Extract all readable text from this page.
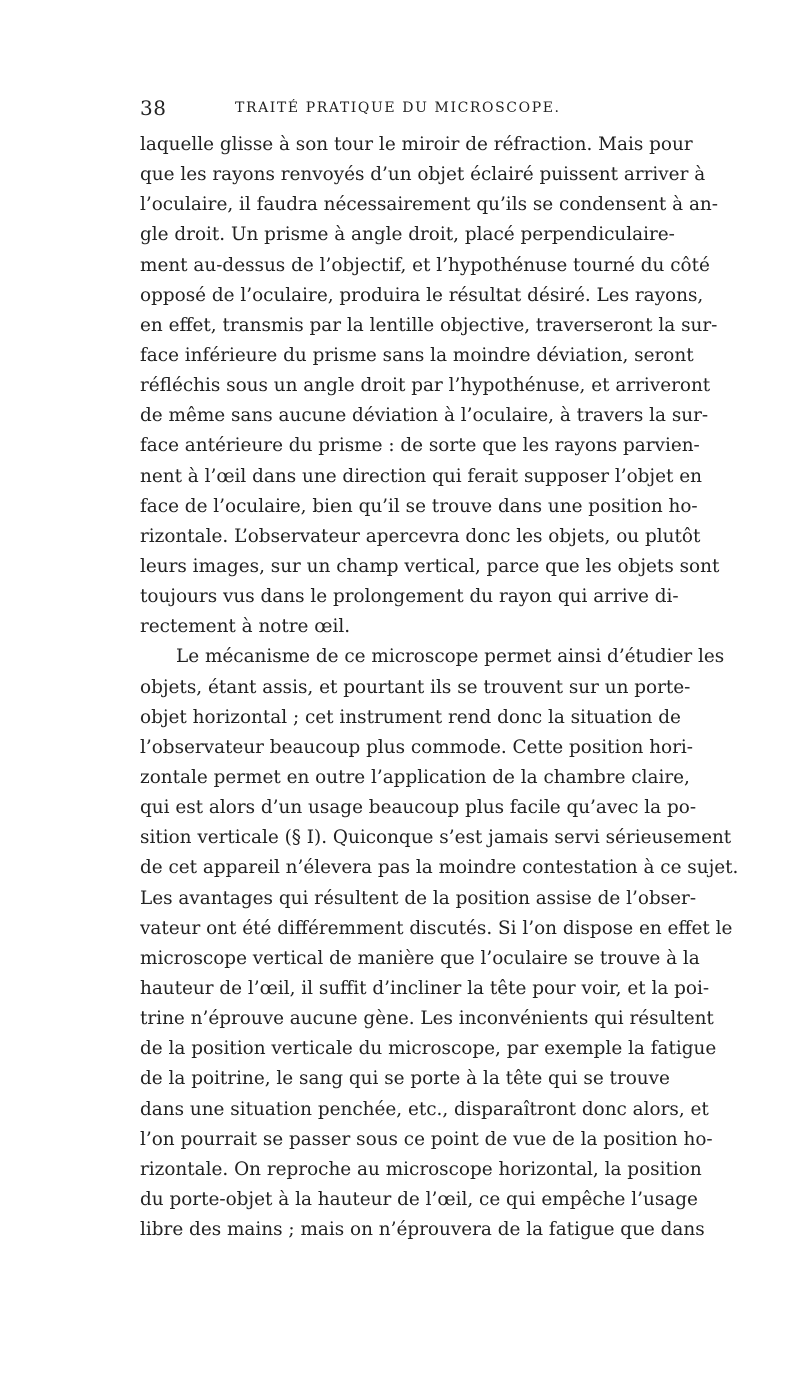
38	TRAITÉ PRATIQUE DU MICROSCOPE.
laquelle glisse à son tour le miroir de réfraction. Mais pour
que les rayons renvoyés d’un objet éclairé puissent arriver à
l’oculaire, il faudra nécessairement qu’ils se condensent à an-
gle droit. Un prisme à angle droit, placé perpendiculaire-
ment au-dessus de l’objectif, et l’hypothénuse tourné du côté
opposé de l’oculaire, produira le résultat désiré. Les rayons,
en effet, transmis par la lentille objective, traverseront la sur-
face inférieure du prisme sans la moindre déviation, seront
réfléchis sous un angle droit par l’hypothénuse, et arriveront
de même sans aucune déviation à l’oculaire, à travers la sur-
face antérieure du prisme : de sorte que les rayons parvien-
nent à l’œil dans une direction qui ferait supposer l’objet en
face de l’oculaire, bien qu’il se trouve dans une position ho-
rizontale. L’observateur apercevra donc les objets, ou plutôt
leurs images, sur un champ vertical, parce que les objets sont
toujours vus dans le prolongement du rayon qui arrive di-
rectement à notre œil.
Le mécanisme de ce microscope permet ainsi d’étudier les
objets, étant assis, et pourtant ils se trouvent sur un porte-
objet horizontal ; cet instrument rend donc la situation de
l’observateur beaucoup plus commode. Cette position hori-
zontale permet en outre l’application de la chambre claire,
qui est alors d’un usage beaucoup plus facile qu’avec la po-
sition verticale (§ I). Quiconque s’est jamais servi sérieusement
de cet appareil n’élevera pas la moindre contestation à ce sujet.
Les avantages qui résultent de la position assise de l’obser-
vateur ont été différemment discutés. Si l’on dispose en effet le
microscope vertical de manière que l’oculaire se trouve à la
hauteur de l’œil, il suffit d’incliner la tête pour voir, et la poi-
trine n’éprouve aucune gène. Les inconvénients qui résultent
de la position verticale du microscope, par exemple la fatigue
de la poitrine, le sang qui se porte à la tête qui se trouve
dans une situation penchée, etc., disparaîtront donc alors, et
l’on pourrait se passer sous ce point de vue de la position ho-
rizontale. On reproche au microscope horizontal, la position
du porte-objet à la hauteur de l’œil, ce qui empêche l’usage
libre des mains ; mais on n’éprouvera de la fatigue que dans
